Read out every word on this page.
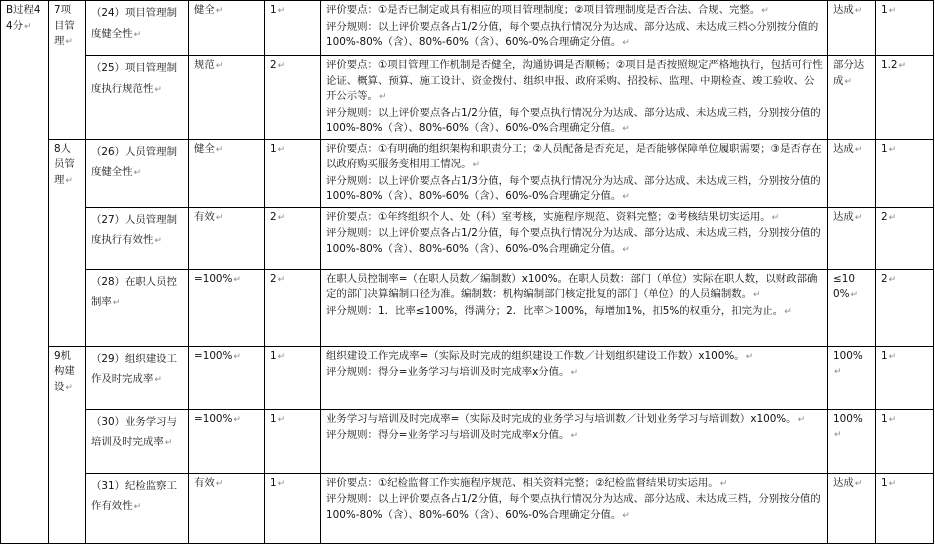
B过程44分↵	7项目管理↵	（24）项目管理制度健全性↵	健全↵	1↵	评价要点：①是否已制定或具有相应的项目管理制度；②项目管理制度是否合法、合规、完整。↵
评分规则：以上评价要点各占1/2分值，每个要点执行情况分为达成、部分达成、未达成三档◇分别按分值的100%-80%（含）、80%-60%（含）、60%-0%合理确定分值。↵	达成↵	1↵
		（25）项目管理制度执行规范性↵	规范↵	2↵	评价要点：①项目管理工作机制是否健全，沟通协调是否顺畅；②项目是否按照规定严格地执行，包括可行性论证、概算、预算、施工设计、资金拨付、组织申报、政府采购、招投标、监理、中期检查、竣工验收、公开公示等。↵
评分规则：以上评价要点各占1/2分值，每个要点执行情况分为达成、部分达成、未达成三档，分别按分值的100%-80%（含）、80%-60%（含）、60%-0%合理确定分值。↵	部分达成↵	1.2↵
	8人员管理↵	（26）人员管理制度健全性↵	健全↵	1↵	评价要点：①有明确的组织架构和职责分工；②人员配备是否充足，是否能够保障单位履职需要；③是否存在以政府购买服务变相用工情况。↵
评分规则：以上评价要点各占1/3分值，每个要点执行情况分为达成、部分达成、未达成三档，分别按分值的100%-80%（含）、80%-60%（含）、60%-0%合理确定分值。↵	达成↵	1↵
		（27）人员管理制度执行有效性↵	有效↵	2↵	评价要点：①年终组织个人、处（科）室考核，实施程序规范、资料完整；②考核结果切实运用。↵
评分规则：以上评价要点各占1/2分值，每个要点执行情况分为达成、部分达成、未达成三档，分别按分值的100%-80%（含）、80%-60%（含）、60%-0%合理确定分值。↵	达成↵	2↵
		（28）在职人员控制率↵	=100%↵	2↵	在职人员控制率=（在职人员数／编制数）x100%。在职人员数：部门（单位）实际在职人数，以财政部确定的部门决算编制口径为准。编制数：机构编制部门核定批复的部门（单位）的人员编制数。↵
评分规则：1．比率≤100%，得满分；2．比率＞100%，每增加1%，扣5%的权重分，扣完为止。↵	≤100%↵	2↵
	9机构建设↵	（29）组织建设工作及时完成率↵	=100%↵	1↵	组织建设工作完成率=（实际及时完成的组织建设工作数／计划组织建设工作数）x100%。↵
评分规则：得分=业务学习与培训及时完成率x分值。↵	100%↵	1↵
		（30）业务学习与培训及时完成率↵	=100%↵	1↵	业务学习与培训及时完成率=（实际及时完成的业务学习与培训数／计划业务学习与培训数）x100%。↵
评分规则：得分=业务学习与培训及时完成率x分值。↵	100%↵	1↵
		（31）纪检监察工作有效性↵	有效↵	1↵	评价要点：①纪检监督工作实施程序规范、相关资料完整；②纪检监督结果切实运用。↵
评分规则：以上评价要点各占1/2分值，每个要点执行情况分为达成、部分达成、未达成三档，分别按分值的100%-80%（含）、80%-60%（含）、60%-0%合理确定分值。↵	达成↵	1↵
